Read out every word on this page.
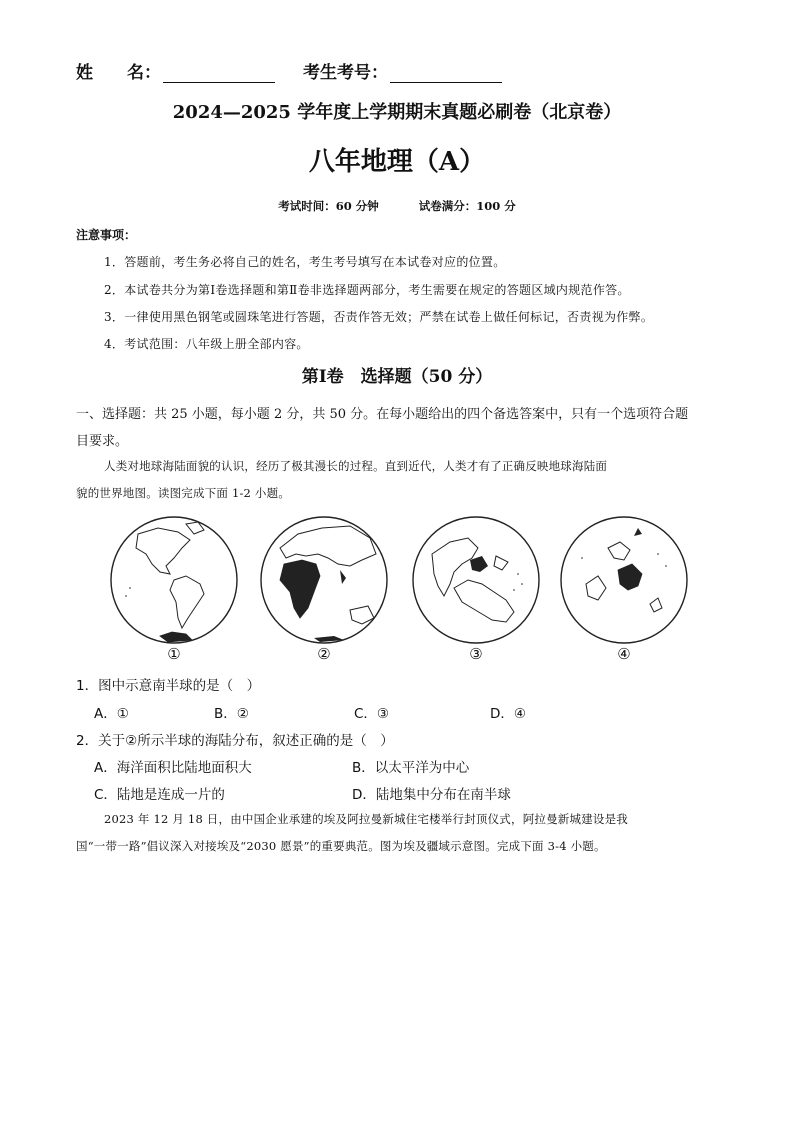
姓　　名：	考生考号：
2024—2025 学年度上学期期末真题必刷卷（北京卷）
八年地理（A）
考试时间：60 分钟	试卷满分：100 分
注意事项：
1．答题前，考生务必将自己的姓名，考生考号填写在本试卷对应的位置。
2．本试卷共分为第Ⅰ卷选择题和第Ⅱ卷非选择题两部分，考生需要在规定的答题区域内规范作答。
3．一律使用黑色钢笔或圆珠笔进行答题，否责作答无效；严禁在试卷上做任何标记，否责视为作弊。
4．考试范围：八年级上册全部内容。
第Ⅰ卷　选择题（50 分）
一、选择题：共 25 小题，每小题 2 分，共 50 分。在每小题给出的四个备选答案中，只有一个选项符合题
目要求。
人类对地球海陆面貌的认识，经历了极其漫长的过程。直到近代，人类才有了正确反映地球海陆面
貌的世界地图。读图完成下面 1-2 小题。
①	②	③	④
1．图中示意南半球的是（　）
A．①	B．②	C．③	D．④
2．关于②所示半球的海陆分布，叙述正确的是（　）
A．海洋面积比陆地面积大	B．以太平洋为中心
C．陆地是连成一片的	D．陆地集中分布在南半球
2023 年 12 月 18 日，由中国企业承建的埃及阿拉曼新城住宅楼举行封顶仪式，阿拉曼新城建设是我
国“一带一路”倡议深入对接埃及“2030 愿景”的重要典范。图为埃及疆域示意图。完成下面 3-4 小题。
